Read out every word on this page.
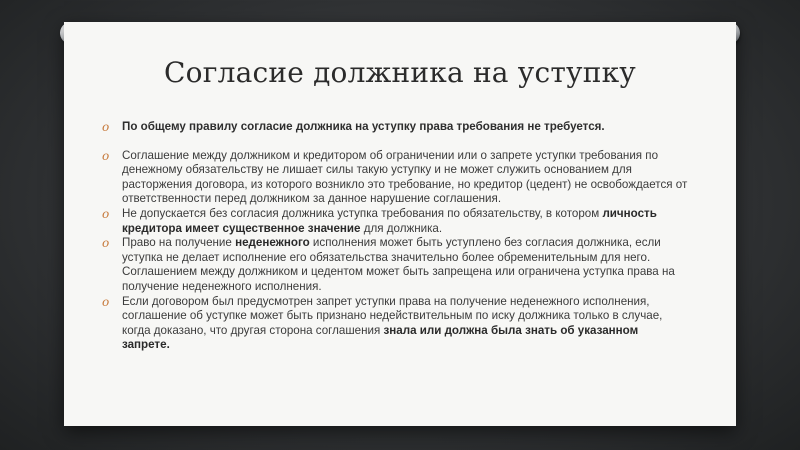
Согласие должника на уступку
o По общему правилу согласие должника на уступку права требования не требуется.
o Соглашение между должником и кредитором об ограничении или о запрете уступки требования по денежному обязательству не лишает силы такую уступку и не может служить основанием для расторжения договора, из которого возникло это требование, но кредитор (цедент) не освобождается от ответственности перед должником за данное нарушение соглашения.
o Не допускается без согласия должника уступка требования по обязательству, в котором личность кредитора имеет существенное значение для должника.
o Право на получение неденежного исполнения может быть уступлено без согласия должника, если уступка не делает исполнение его обязательства значительно более обременительным для него. Соглашением между должником и цедентом может быть запрещена или ограничена уступка права на получение неденежного исполнения.
o Если договором был предусмотрен запрет уступки права на получение неденежного исполнения, соглашение об уступке может быть признано недействительным по иску должника только в случае, когда доказано, что другая сторона соглашения знала или должна была знать об указанном запрете.
